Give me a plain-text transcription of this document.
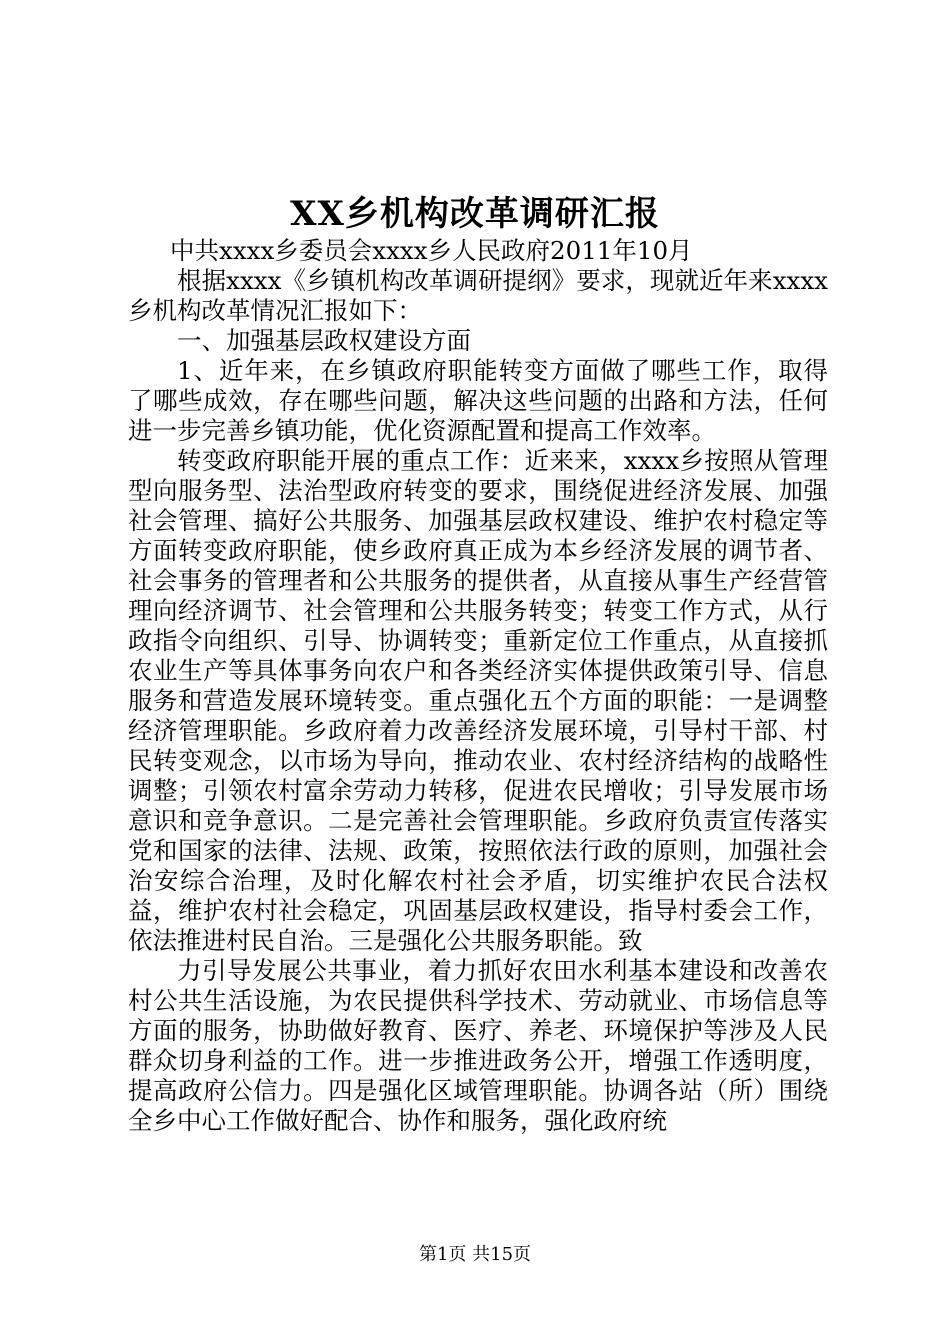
XX乡机构改革调研汇报

中共xxxx乡委员会xxxx乡人民政府2011年10月

根据xxxx《乡镇机构改革调研提纲》要求，现就近年来xxxx乡机构改革情况汇报如下：

一、加强基层政权建设方面

1、近年来，在乡镇政府职能转变方面做了哪些工作，取得了哪些成效，存在哪些问题，解决这些问题的出路和方法，任何进一步完善乡镇功能，优化资源配置和提高工作效率。

转变政府职能开展的重点工作：近来来，xxxx乡按照从管理型向服务型、法治型政府转变的要求，围绕促进经济发展、加强社会管理、搞好公共服务、加强基层政权建设、维护农村稳定等方面转变政府职能，使乡政府真正成为本乡经济发展的调节者、社会事务的管理者和公共服务的提供者，从直接从事生产经营管理向经济调节、社会管理和公共服务转变；转变工作方式，从行政指令向组织、引导、协调转变；重新定位工作重点，从直接抓农业生产等具体事务向农户和各类经济实体提供政策引导、信息服务和营造发展环境转变。重点强化五个方面的职能：一是调整经济管理职能。乡政府着力改善经济发展环境，引导村干部、村民转变观念，以市场为导向，推动农业、农村经济结构的战略性调整；引领农村富余劳动力转移，促进农民增收；引导发展市场意识和竞争意识。二是完善社会管理职能。乡政府负责宣传落实党和国家的法律、法规、政策，按照依法行政的原则，加强社会治安综合治理，及时化解农村社会矛盾，切实维护农民合法权益，维护农村社会稳定，巩固基层政权建设，指导村委会工作，依法推进村民自治。三是强化公共服务职能。致

力引导发展公共事业，着力抓好农田水利基本建设和改善农村公共生活设施，为农民提供科学技术、劳动就业、市场信息等方面的服务，协助做好教育、医疗、养老、环境保护等涉及人民群众切身利益的工作。进一步推进政务公开，增强工作透明度，提高政府公信力。四是强化区域管理职能。协调各站（所）围绕全乡中心工作做好配合、协作和服务，强化政府统

第1页 共15页
